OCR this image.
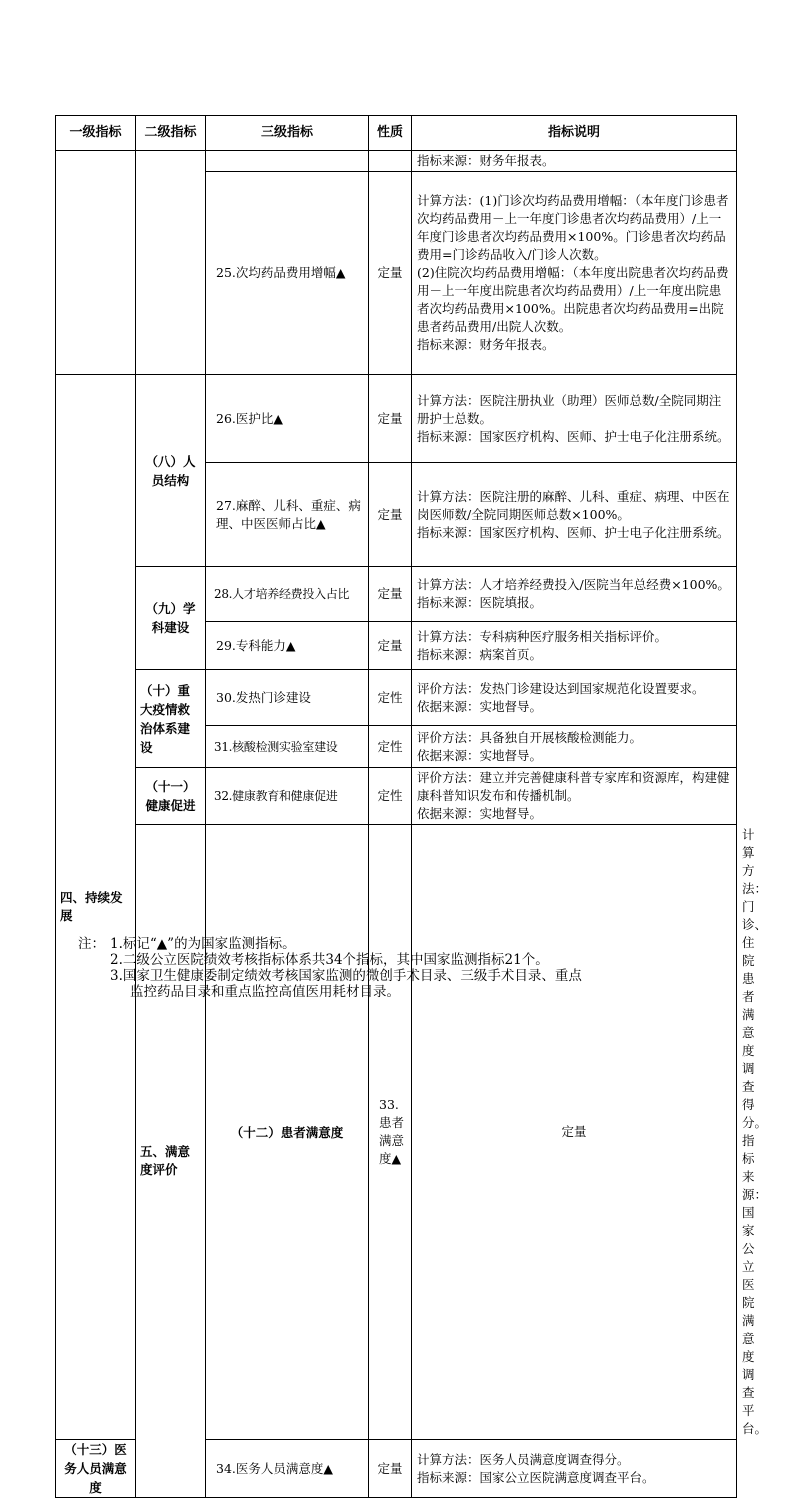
一级指标	二级指标	三级指标	性质	指标说明	

				指标来源：财务年报表。	

		25.次均药品费用增幅▲	定量	计算方法：(1)门诊次均药品费用增幅：（本年度门诊患者次均药品费用－上一年度门诊患者次均药品费用）/上一年度门诊患者次均药品费用×100%。门诊患者次均药品费用=门诊药品收入/门诊人次数。
(2)住院次均药品费用增幅：（本年度出院患者次均药品费用－上一年度出院患者次均药品费用）/上一年度出院患者次均药品费用×100%。出院患者次均药品费用=出院患者药品费用/出院人次数。
指标来源：财务年报表。	

四、持续发展	（八）人员结构	26.医护比▲	定量	计算方法：医院注册执业（助理）医师总数/全院同期注册护士总数。
指标来源：国家医疗机构、医师、护士电子化注册系统。	

		27.麻醉、儿科、重症、病理、中医医师占比▲	定量	计算方法：医院注册的麻醉、儿科、重症、病理、中医在岗医师数/全院同期医师总数×100%。
指标来源：国家医疗机构、医师、护士电子化注册系统。	

	（九）学科建设	28.人才培养经费投入占比	定量	计算方法：人才培养经费投入/医院当年总经费×100%。
指标来源：医院填报。	

		29.专科能力▲	定量	计算方法：专科病种医疗服务相关指标评价。
指标来源：病案首页。	

	（十）重大疫情救治体系建设	30.发热门诊建设	定性	评价方法：发热门诊建设达到国家规范化设置要求。
依据来源：实地督导。	

		31.核酸检测实验室建设	定性	评价方法：具备独自开展核酸检测能力。
依据来源：实地督导。	

	（十一）健康促进	32.健康教育和健康促进	定性	评价方法：建立并完善健康科普专家库和资源库，构建健康科普知识发布和传播机制。
依据来源：实地督导。	

	五、满意度评价	（十二）患者满意度	33.患者满意度▲	定量	计算方法：门诊、住院患者满意度调查得分。
指标来源：国家公立医院满意度调查平台。

（十三）医务人员满意度		34.医务人员满意度▲	定量	计算方法：医务人员满意度调查得分。
指标来源：国家公立医院满意度调查平台。	
注： 1.标记“▲”的为国家监测指标。
2.二级公立医院绩效考核指标体系共34个指标，其中国家监测指标21个。
3.国家卫生健康委制定绩效考核国家监测的微创手术目录、三级手术目录、重点
监控药品目录和重点监控高值医用耗材目录。
